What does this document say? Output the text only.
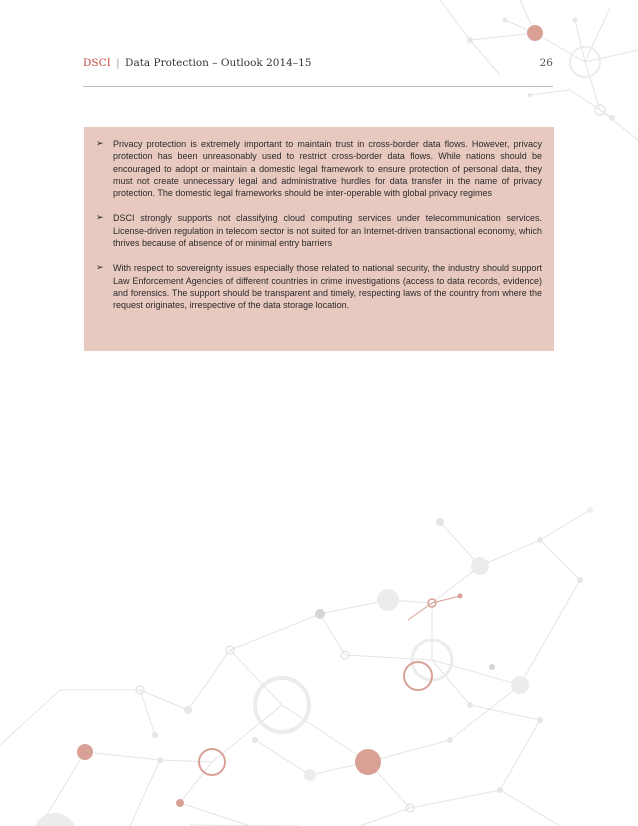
DSCI | Data Protection – Outlook 2014–15	26
➢ Privacy protection is extremely important to maintain trust in cross-border data flows. However, privacy protection has been unreasonably used to restrict cross-border data flows. While nations should be encouraged to adopt or maintain a domestic legal framework to ensure protection of personal data, they must not create unnecessary legal and administrative hurdles for data transfer in the name of privacy protection. The domestic legal frameworks should be inter-operable with global privacy regimes
➢ DSCI strongly supports not classifying cloud computing services under telecommunication services. License-driven regulation in telecom sector is not suited for an Internet-driven transactional economy, which thrives because of absence of or minimal entry barriers
➢ With respect to sovereignty issues especially those related to national security, the industry should support Law Enforcement Agencies of different countries in crime investigations (access to data records, evidence) and forensics. The support should be transparent and timely, respecting laws of the country from where the request originates, irrespective of the data storage location.
